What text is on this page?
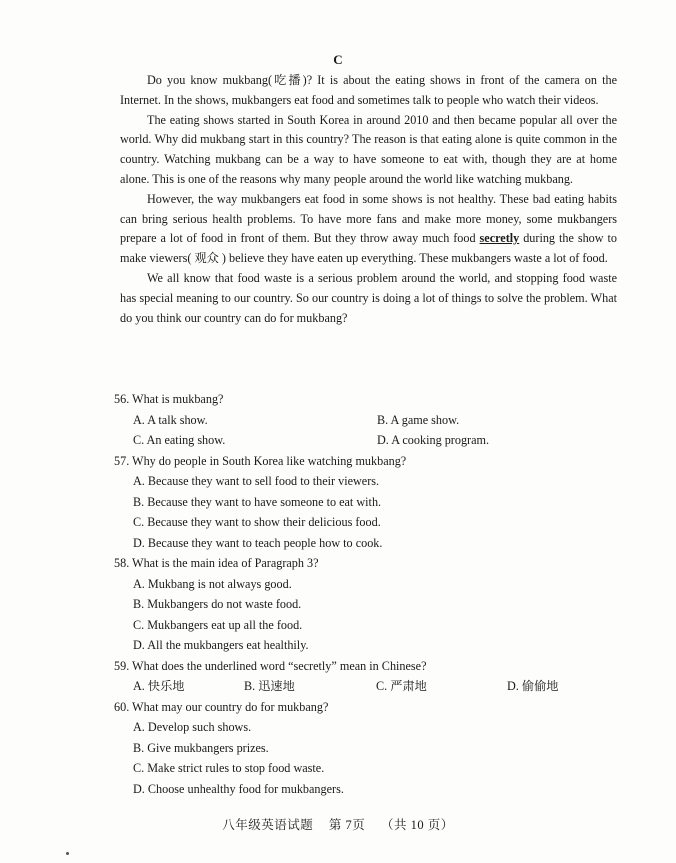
C

Do you know mukbang(吃播)? It is about the eating shows in front of the camera on the Internet. In the shows, mukbangers eat food and sometimes talk to people who watch their videos.

The eating shows started in South Korea in around 2010 and then became popular all over the world. Why did mukbang start in this country? The reason is that eating alone is quite common in the country. Watching mukbang can be a way to have someone to eat with, though they are at home alone. This is one of the reasons why many people around the world like watching mukbang.

However, the way mukbangers eat food in some shows is not healthy. These bad eating habits can bring serious health problems. To have more fans and make more money, some mukbangers prepare a lot of food in front of them. But they throw away much food secretly during the show to make viewers( 观众 ) believe they have eaten up everything. These mukbangers waste a lot of food.

We all know that food waste is a serious problem around the world, and stopping food waste has special meaning to our country. So our country is doing a lot of things to solve the problem. What do you think our country can do for mukbang?

56. What is mukbang?
A. A talk show.	B. A game show.
C. An eating show.	D. A cooking program.
57. Why do people in South Korea like watching mukbang?
A. Because they want to sell food to their viewers.
B. Because they want to have someone to eat with.
C. Because they want to show their delicious food.
D. Because they want to teach people how to cook.
58. What is the main idea of Paragraph 3?
A. Mukbang is not always good.
B. Mukbangers do not waste food.
C. Mukbangers eat up all the food.
D. All the mukbangers eat healthily.
59. What does the underlined word “secretly” mean in Chinese?
A. 快乐地	B. 迅速地	C. 严肃地	D. 偷偷地
60. What may our country do for mukbang?
A. Develop such shows.
B. Give mukbangers prizes.
C. Make strict rules to stop food waste.
D. Choose unhealthy food for mukbangers.
八年级英语试题 第 7页 （共 10 页）
